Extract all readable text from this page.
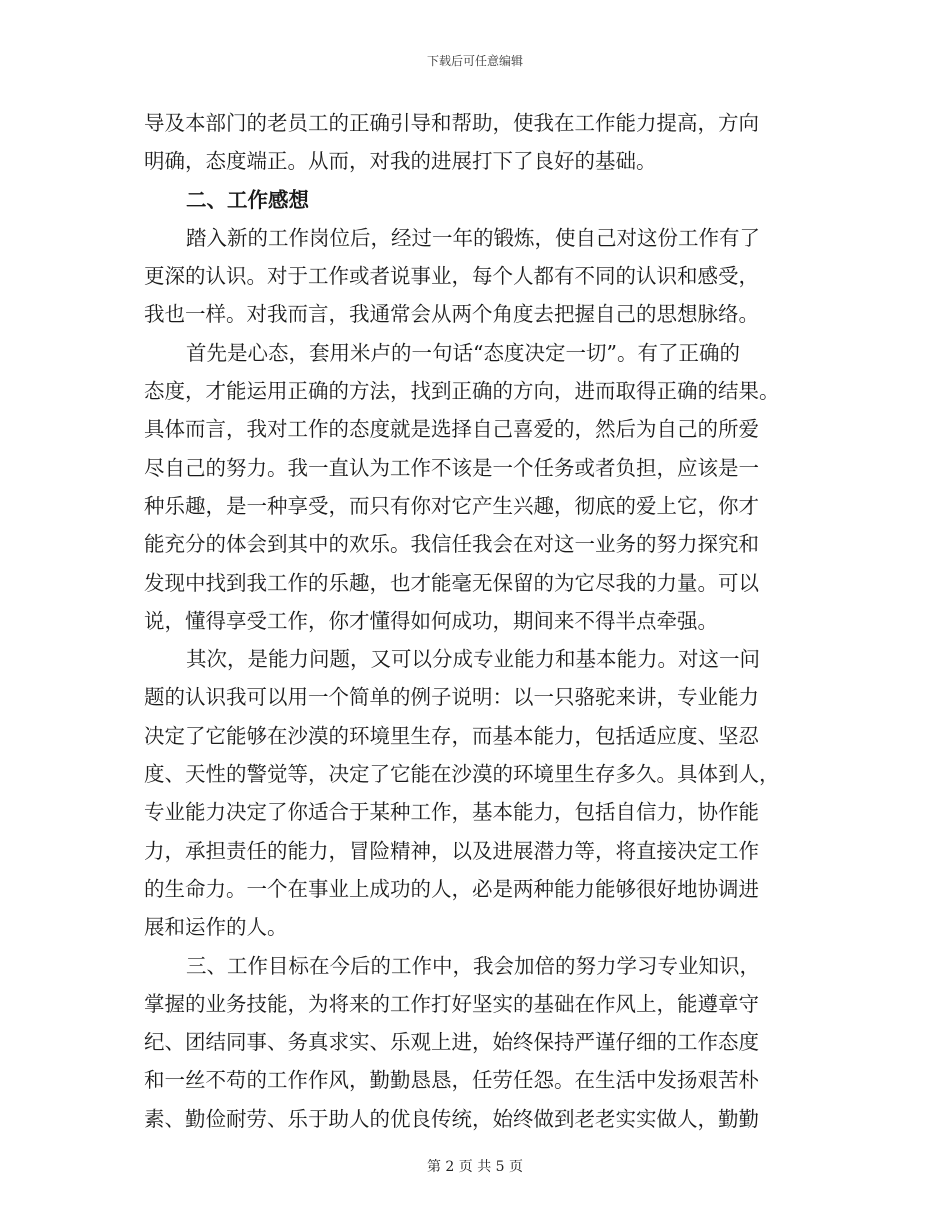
下载后可任意编辑
导及本部门的老员工的正确引导和帮助，使我在工作能力提高，方向
明确，态度端正。从而，对我的进展打下了良好的基础。
二、工作感想
踏入新的工作岗位后，经过一年的锻炼，使自己对这份工作有了
更深的认识。对于工作或者说事业，每个人都有不同的认识和感受，
我也一样。对我而言，我通常会从两个角度去把握自己的思想脉络。
首先是心态，套用米卢的一句话“态度决定一切”。有了正确的
态度，才能运用正确的方法，找到正确的方向，进而取得正确的结果。
具体而言，我对工作的态度就是选择自己喜爱的，然后为自己的所爱
尽自己的努力。我一直认为工作不该是一个任务或者负担，应该是一
种乐趣，是一种享受，而只有你对它产生兴趣，彻底的爱上它，你才
能充分的体会到其中的欢乐。我信任我会在对这一业务的努力探究和
发现中找到我工作的乐趣，也才能毫无保留的为它尽我的力量。可以
说，懂得享受工作，你才懂得如何成功，期间来不得半点牵强。
其次，是能力问题，又可以分成专业能力和基本能力。对这一问
题的认识我可以用一个简单的例子说明：以一只骆驼来讲，专业能力
决定了它能够在沙漠的环境里生存，而基本能力，包括适应度、坚忍
度、天性的警觉等，决定了它能在沙漠的环境里生存多久。具体到人，
专业能力决定了你适合于某种工作，基本能力，包括自信力，协作能
力，承担责任的能力，冒险精神，以及进展潜力等，将直接决定工作
的生命力。一个在事业上成功的人，必是两种能力能够很好地协调进
展和运作的人。
三、工作目标在今后的工作中，我会加倍的努力学习专业知识，
掌握的业务技能，为将来的工作打好坚实的基础在作风上，能遵章守
纪、团结同事、务真求实、乐观上进，始终保持严谨仔细的工作态度
和一丝不苟的工作作风，勤勤恳恳，任劳任怨。在生活中发扬艰苦朴
素、勤俭耐劳、乐于助人的优良传统，始终做到老老实实做人，勤勤
第 2 页 共 5 页
